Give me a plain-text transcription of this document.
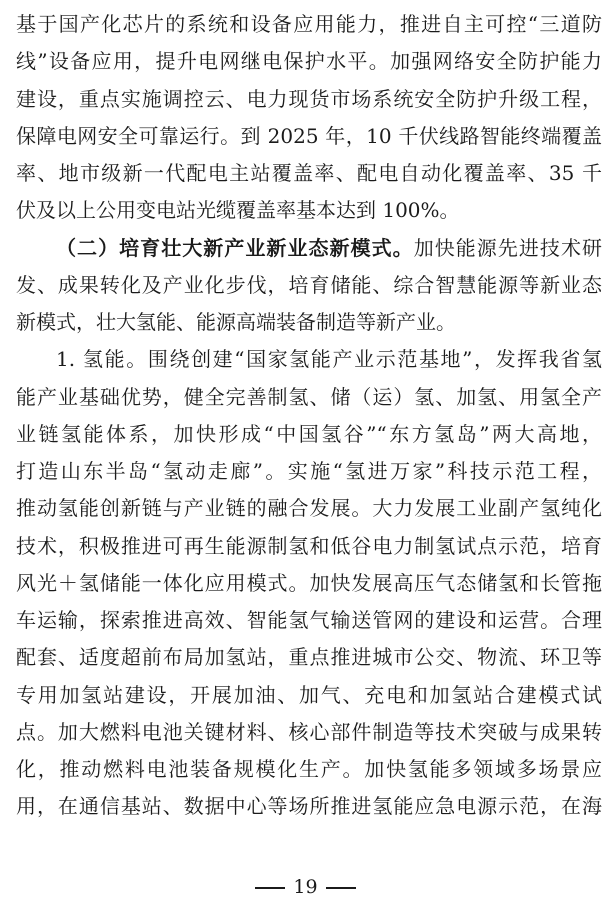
基于国产化芯片的系统和设备应用能力，推进自主可控“三道防
线”设备应用，提升电网继电保护水平。加强网络安全防护能力
建设，重点实施调控云、电力现货市场系统安全防护升级工程，
保障电网安全可靠运行。到 2025 年，10 千伏线路智能终端覆盖
率、地市级新一代配电主站覆盖率、配电自动化覆盖率、35 千
伏及以上公用变电站光缆覆盖率基本达到 100%。
（二）培育壮大新产业新业态新模式。加快能源先进技术研
发、成果转化及产业化步伐，培育储能、综合智慧能源等新业态
新模式，壮大氢能、能源高端装备制造等新产业。
1. 氢能。围绕创建“国家氢能产业示范基地”，发挥我省氢
能产业基础优势，健全完善制氢、储（运）氢、加氢、用氢全产
业链氢能体系，加快形成“中国氢谷”“东方氢岛”两大高地，
打造山东半岛“氢动走廊”。实施“氢进万家”科技示范工程，
推动氢能创新链与产业链的融合发展。大力发展工业副产氢纯化
技术，积极推进可再生能源制氢和低谷电力制氢试点示范，培育
风光＋氢储能一体化应用模式。加快发展高压气态储氢和长管拖
车运输，探索推进高效、智能氢气输送管网的建设和运营。合理
配套、适度超前布局加氢站，重点推进城市公交、物流、环卫等
专用加氢站建设，开展加油、加气、充电和加氢站合建模式试
点。加大燃料电池关键材料、核心部件制造等技术突破与成果转
化，推动燃料电池装备规模化生产。加快氢能多领域多场景应
用，在通信基站、数据中心等场所推进氢能应急电源示范，在海
19
